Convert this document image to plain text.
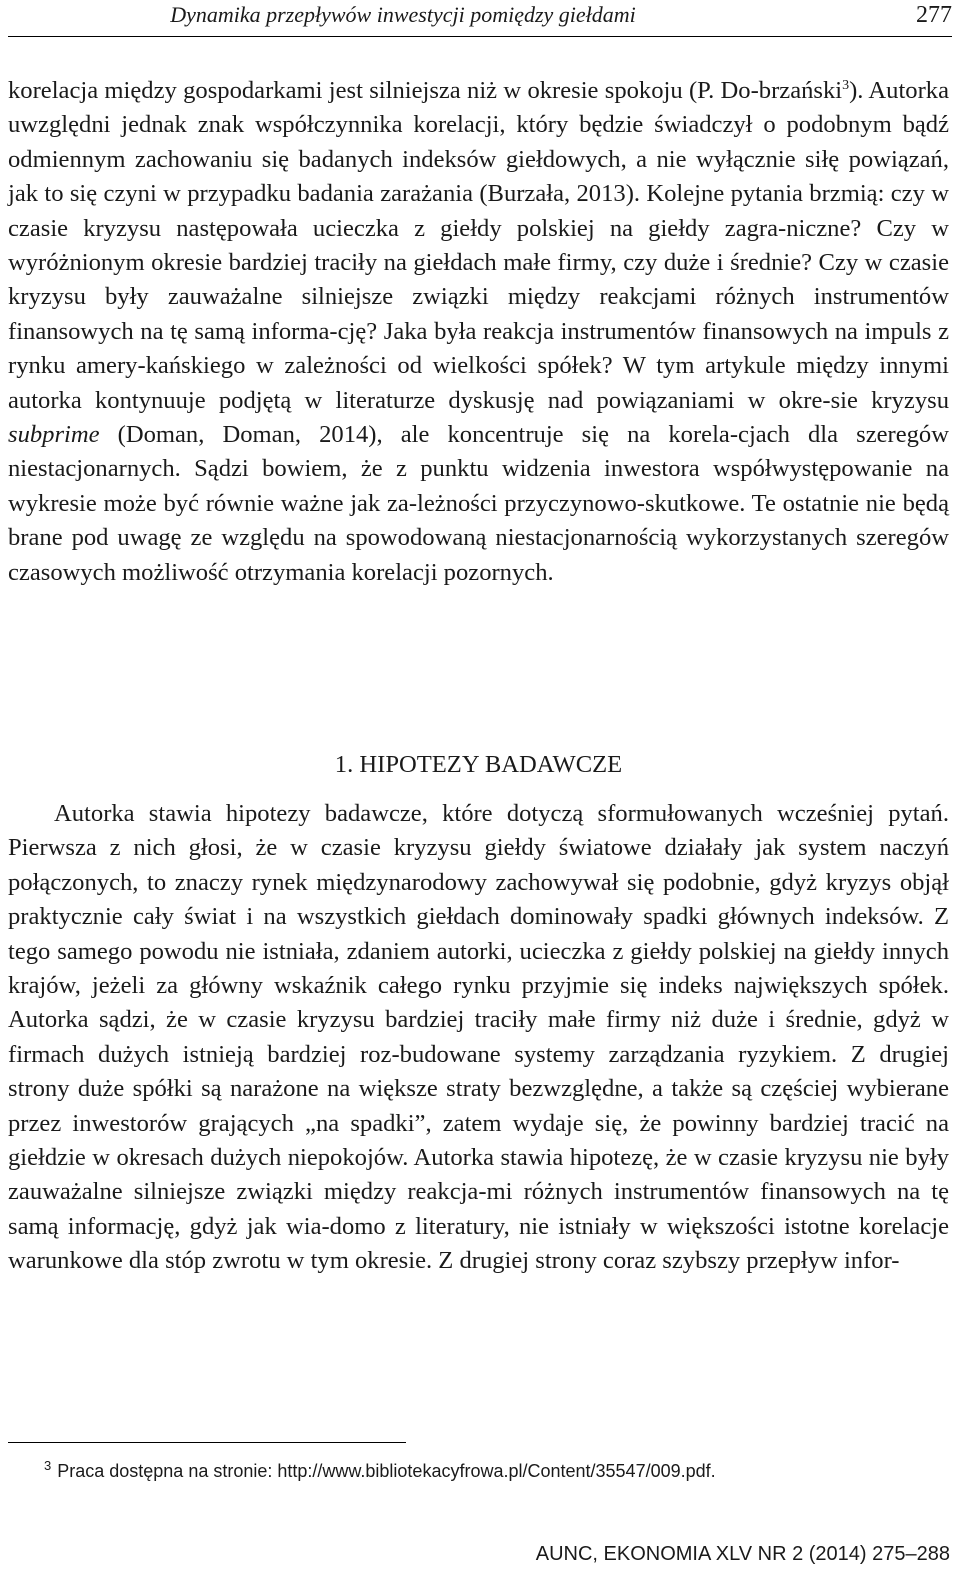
Dynamika przepływów inwestycji pomiędzy giełdami	277
korelacja między gospodarkami jest silniejsza niż w okresie spokoju (P. Do-brzański$^3$). Autorka uwzględni jednak znak współczynnika korelacji, który będzie świadczył o podobnym bądź odmiennym zachowaniu się badanych indeksów giełdowych, a nie wyłącznie siłę powiązań, jak to się czyni w przypadku badania zarażania (Burzała, 2013). Kolejne pytania brzmią: czy w czasie kryzysu następowała ucieczka z giełdy polskiej na giełdy zagra-niczne? Czy w wyróżnionym okresie bardziej traciły na giełdach małe firmy, czy duże i średnie? Czy w czasie kryzysu były zauważalne silniejsze związki między reakcjami różnych instrumentów finansowych na tę samą informa-cję? Jaka była reakcja instrumentów finansowych na impuls z rynku amery-kańskiego w zależności od wielkości spółek? W tym artykule między innymi autorka kontynuuje podjętą w literaturze dyskusję nad powiązaniami w okre-sie kryzysu subprime (Doman, Doman, 2014), ale koncentruje się na korela-cjach dla szeregów niestacjonarnych. Sądzi bowiem, że z punktu widzenia inwestora współwystępowanie na wykresie może być równie ważne jak za-leżności przyczynowo-skutkowe. Te ostatnie nie będą brane pod uwagę ze względu na spowodowaną niestacjonarnością wykorzystanych szeregów czasowych możliwość otrzymania korelacji pozornych.
1. HIPOTEZY BADAWCZE
Autorka stawia hipotezy badawcze, które dotyczą sformułowanych wcześniej pytań. Pierwsza z nich głosi, że w czasie kryzysu giełdy światowe działały jak system naczyń połączonych, to znaczy rynek międzynarodowy zachowywał się podobnie, gdyż kryzys objął praktycznie cały świat i na wszystkich giełdach dominowały spadki głównych indeksów. Z tego samego powodu nie istniała, zdaniem autorki, ucieczka z giełdy polskiej na giełdy innych krajów, jeżeli za główny wskaźnik całego rynku przyjmie się indeks największych spółek. Autorka sądzi, że w czasie kryzysu bardziej traciły małe firmy niż duże i średnie, gdyż w firmach dużych istnieją bardziej roz-budowane systemy zarządzania ryzykiem. Z drugiej strony duże spółki są narażone na większe straty bezwzględne, a także są częściej wybierane przez inwestorów grających „na spadki”, zatem wydaje się, że powinny bardziej tracić na giełdzie w okresach dużych niepokojów. Autorka stawia hipotezę, że w czasie kryzysu nie były zauważalne silniejsze związki między reakcja-mi różnych instrumentów finansowych na tę samą informację, gdyż jak wia-domo z literatury, nie istniały w większości istotne korelacje warunkowe dla stóp zwrotu w tym okresie. Z drugiej strony coraz szybszy przepływ infor-
$^3$ Praca dostępna na stronie: http://www.bibliotekacyfrowa.pl/Content/35547/009.pdf.
AUNC, EKONOMIA XLV NR 2 (2014) 275–288
